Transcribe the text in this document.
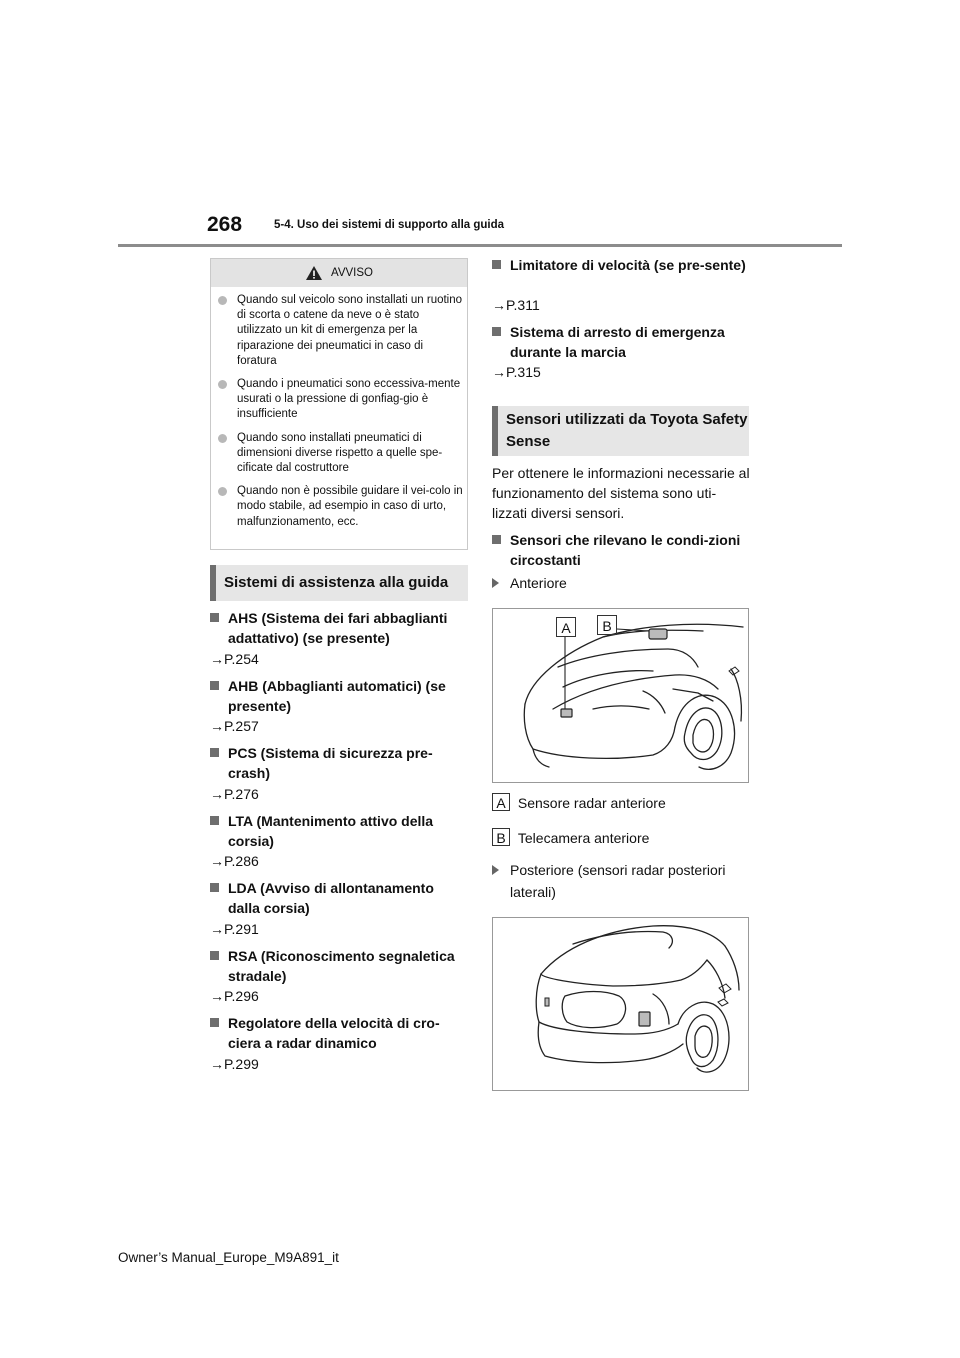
268	5-4. Uso dei sistemi di supporto alla guida
AVVISO
Quando sul veicolo sono installati un ruotino di scorta o catene da neve o è stato utilizzato un kit di emergenza per la riparazione dei pneumatici in caso di foratura
Quando i pneumatici sono eccessiva-mente usurati o la pressione di gonfiag-gio è insufficiente
Quando sono installati pneumatici di dimensioni diverse rispetto a quelle spe-cificate dal costruttore
Quando non è possibile guidare il vei-colo in modo stabile, ad esempio in caso di urto, malfunzionamento, ecc.
Sistemi di assistenza alla guida
AHS (Sistema dei fari abbaglianti adattativo) (se presente)
→P.254
AHB (Abbaglianti automatici) (se presente)
→P.257
PCS (Sistema di sicurezza pre-crash)
→P.276
LTA (Mantenimento attivo della corsia)
→P.286
LDA (Avviso di allontanamento dalla corsia)
→P.291
RSA (Riconoscimento segnaletica stradale)
→P.296
Regolatore della velocità di cro-ciera a radar dinamico
→P.299
Limitatore di velocità (se pre-sente)
→P.311
Sistema di arresto di emergenza durante la marcia
→P.315
Sensori utilizzati da Toyota Safety Sense
Per ottenere le informazioni necessarie al funzionamento del sistema sono uti-lizzati diversi sensori.
Sensori che rilevano le condi-zioni circostanti
Anteriore
A	B
A Sensore radar anteriore
B Telecamera anteriore
Posteriore (sensori radar posteriori laterali)
Owner’s Manual_Europe_M9A891_it
